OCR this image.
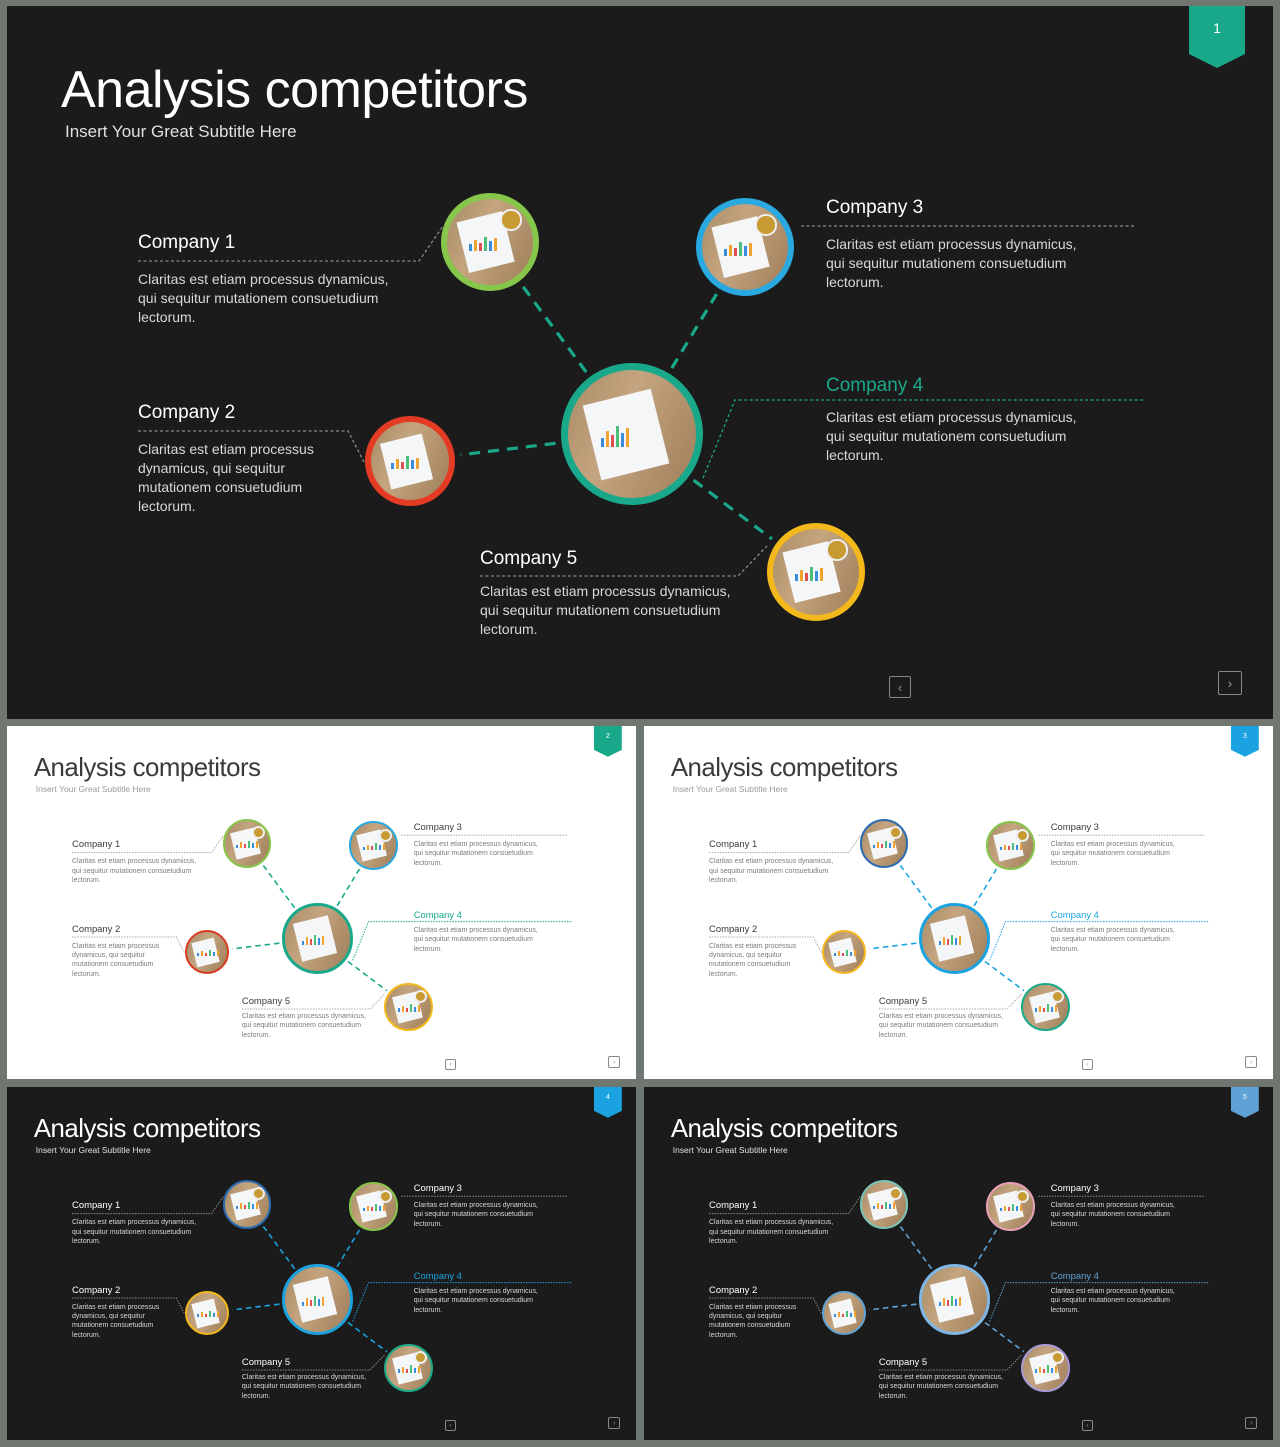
Analysis competitors
Insert Your Great Subtitle Here
1
Company 1
Claritas est etiam processus dynamicus, qui sequitur mutationem consuetudium lectorum.
Company 2
Claritas est etiam processus dynamicus, qui sequitur mutationem consuetudium lectorum.
Company 3
Claritas est etiam processus dynamicus, qui sequitur mutationem consuetudium lectorum.
Company 4
Claritas est etiam processus dynamicus, qui sequitur mutationem consuetudium lectorum.
Company 5
Claritas est etiam processus dynamicus, qui sequitur mutationem consuetudium lectorum.
‹	›
Analysis competitors
Insert Your Great Subtitle Here
2
Company 1
Claritas est etiam processus dynamicus, qui sequitur mutationem consuetudium lectorum.
Company 2
Claritas est etiam processus dynamicus, qui sequitur mutationem consuetudium lectorum.
Company 3
Claritas est etiam processus dynamicus, qui sequitur mutationem consuetudium lectorum.
Company 4
Claritas est etiam processus dynamicus, qui sequitur mutationem consuetudium lectorum.
Company 5
Claritas est etiam processus dynamicus, qui sequitur mutationem consuetudium lectorum.
‹	›
Analysis competitors
Insert Your Great Subtitle Here
3
Company 1
Claritas est etiam processus dynamicus, qui sequitur mutationem consuetudium lectorum.
Company 2
Claritas est etiam processus dynamicus, qui sequitur mutationem consuetudium lectorum.
Company 3
Claritas est etiam processus dynamicus, qui sequitur mutationem consuetudium lectorum.
Company 4
Claritas est etiam processus dynamicus, qui sequitur mutationem consuetudium lectorum.
Company 5
Claritas est etiam processus dynamicus, qui sequitur mutationem consuetudium lectorum.
‹	›
Analysis competitors
Insert Your Great Subtitle Here
4
Company 1
Claritas est etiam processus dynamicus, qui sequitur mutationem consuetudium lectorum.
Company 2
Claritas est etiam processus dynamicus, qui sequitur mutationem consuetudium lectorum.
Company 3
Claritas est etiam processus dynamicus, qui sequitur mutationem consuetudium lectorum.
Company 4
Claritas est etiam processus dynamicus, qui sequitur mutationem consuetudium lectorum.
Company 5
Claritas est etiam processus dynamicus, qui sequitur mutationem consuetudium lectorum.
‹	›
Analysis competitors
Insert Your Great Subtitle Here
5
Company 1
Claritas est etiam processus dynamicus, qui sequitur mutationem consuetudium lectorum.
Company 2
Claritas est etiam processus dynamicus, qui sequitur mutationem consuetudium lectorum.
Company 3
Claritas est etiam processus dynamicus, qui sequitur mutationem consuetudium lectorum.
Company 4
Claritas est etiam processus dynamicus, qui sequitur mutationem consuetudium lectorum.
Company 5
Claritas est etiam processus dynamicus, qui sequitur mutationem consuetudium lectorum.
‹	›
